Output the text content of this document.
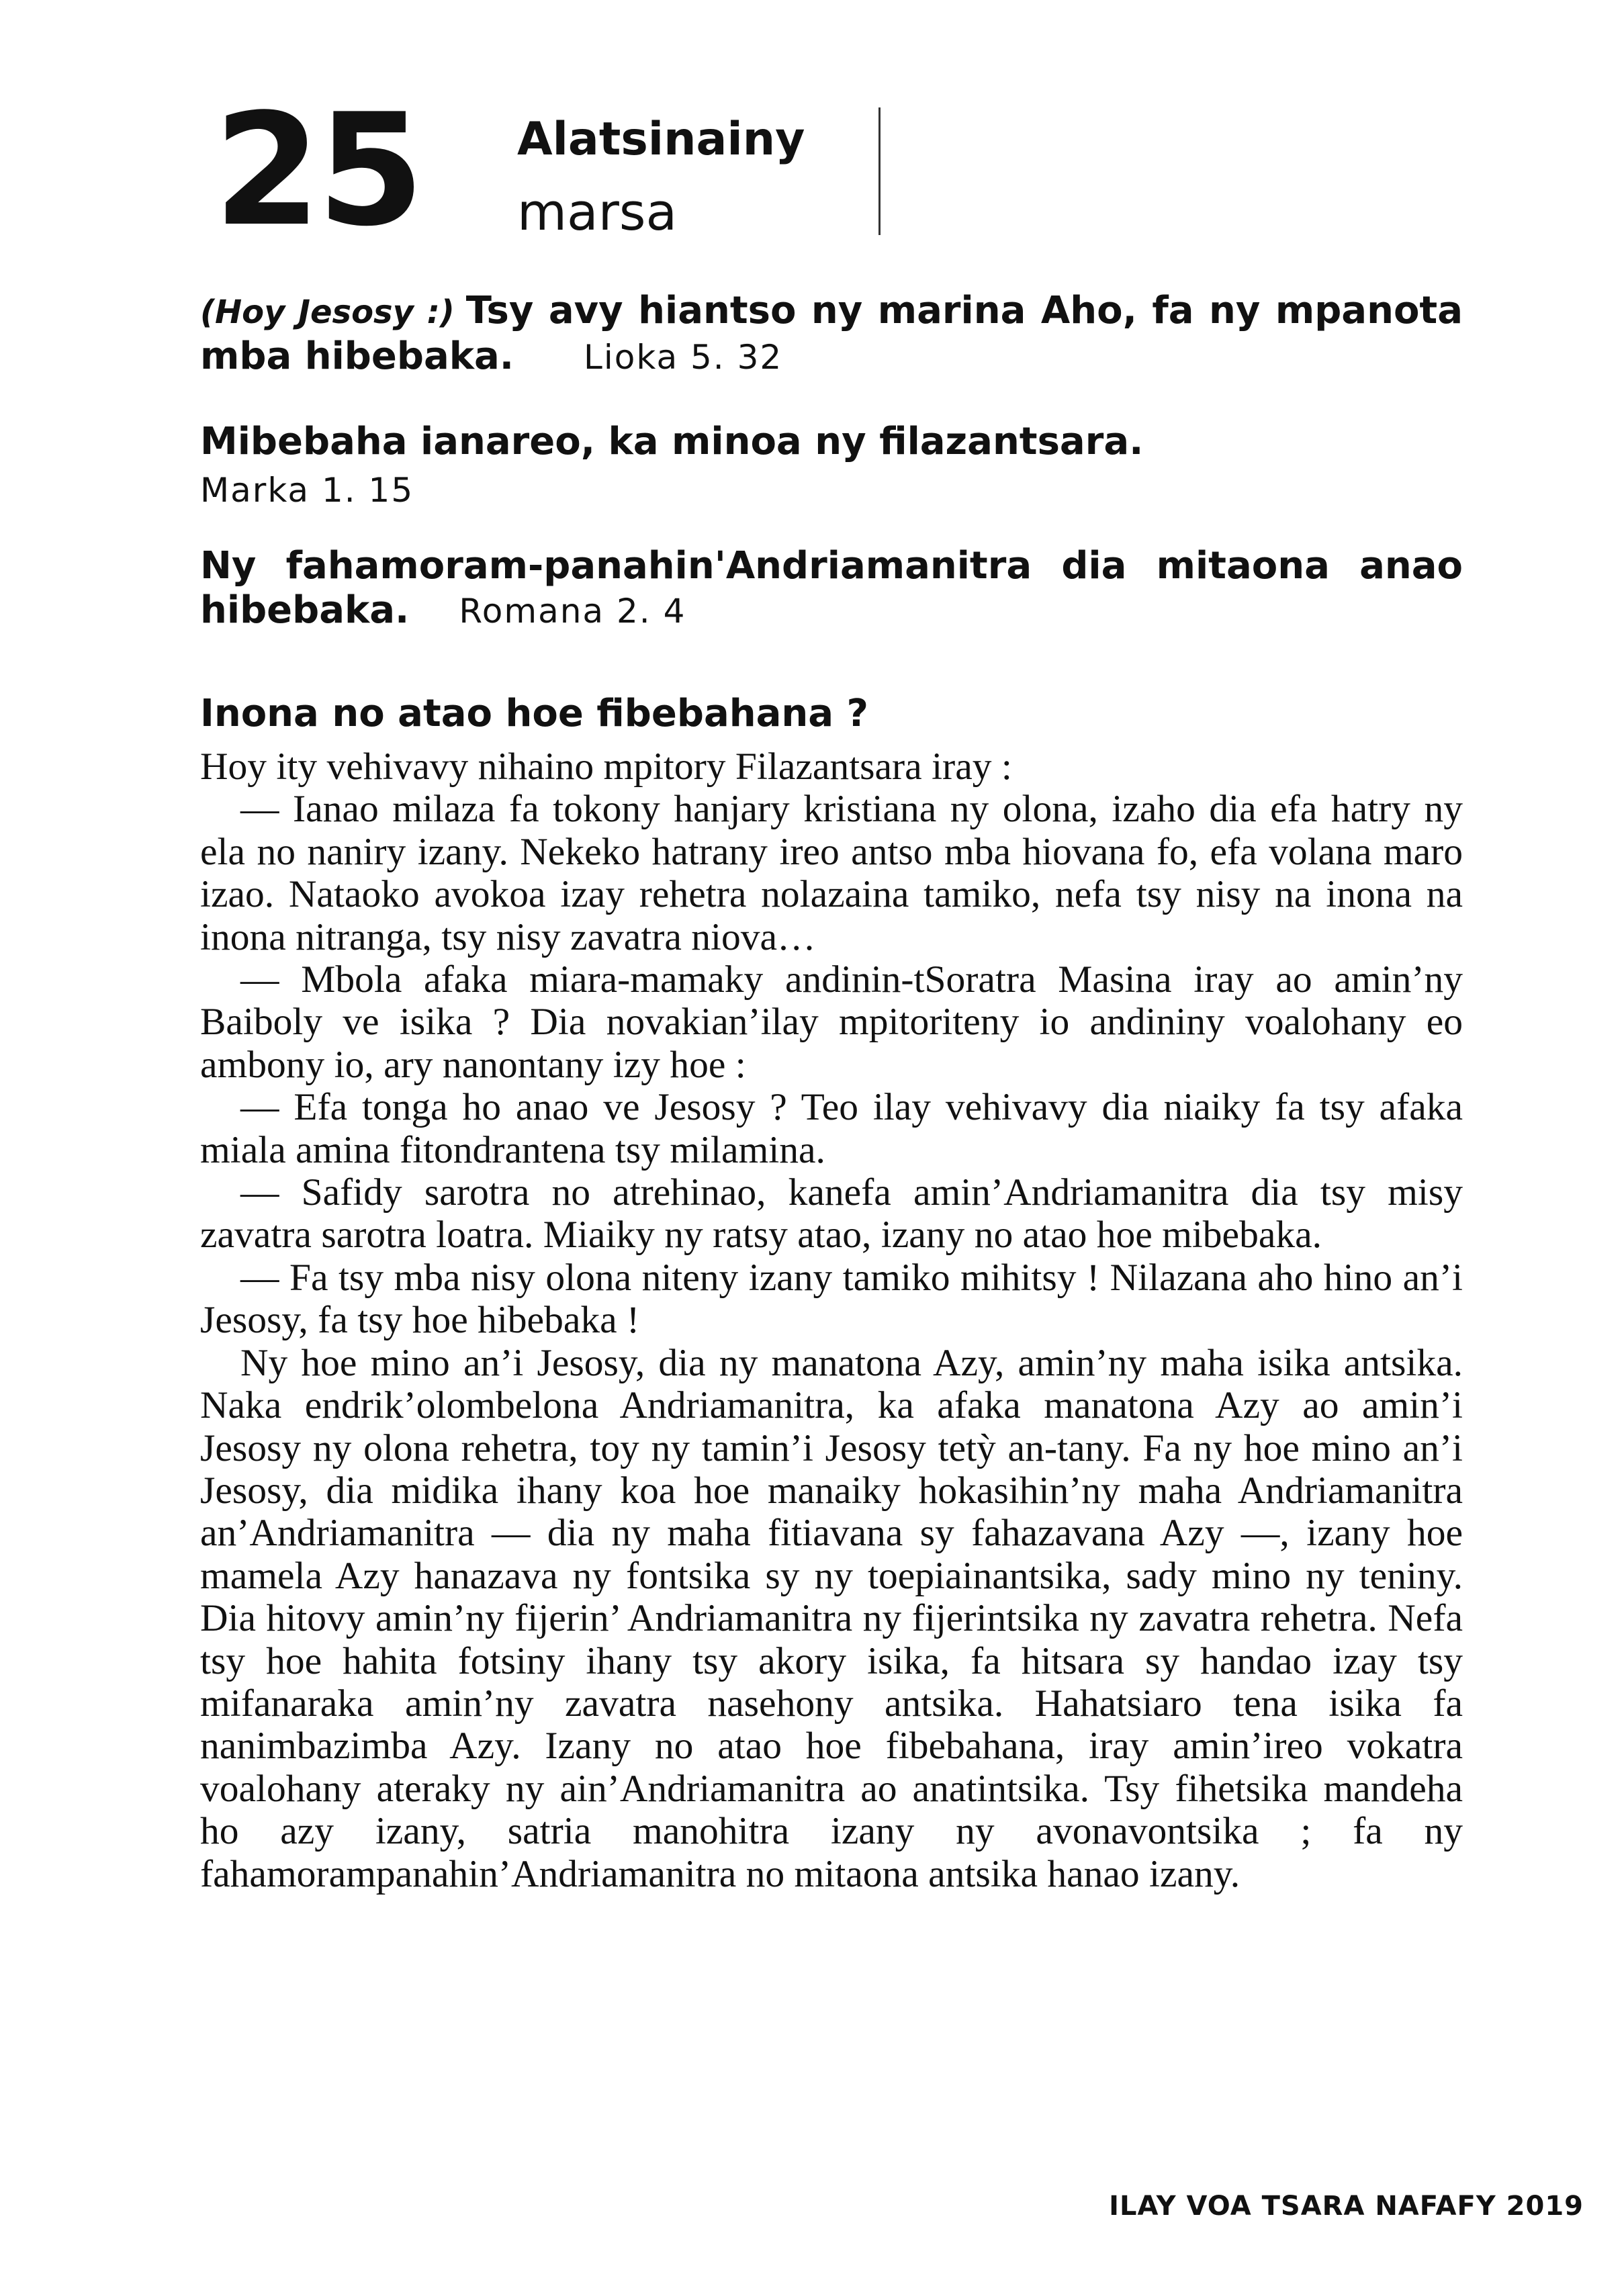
25 Alatsinainy
marsa
(Hoy Jesosy :) Tsy avy hiantso ny marina Aho, fa ny mpanota mba hibebaka. Lioka 5. 32
Mibebaha ianareo, ka minoa ny filazantsara.
Marka 1. 15
Ny fahamoram-panahin'Andriamanitra dia mitaona anao hibebaka. Romana 2. 4
Inona no atao hoe fibebahana ?

Hoy ity vehivavy nihaino mpitory Filazantsara iray :

— Ianao milaza fa tokony hanjary kristiana ny olona, izaho dia efa hatry ny ela no naniry izany. Nekeko hatrany ireo antso mba hiovana fo, efa volana maro izao. Nataoko avokoa izay rehetra nolazaina tamiko, nefa tsy nisy na inona na inona nitranga, tsy nisy zavatra niova…

— Mbola afaka miara-mamaky andinin-tSoratra Masina iray ao amin’ny Baiboly ve isika ? Dia novakian’ilay mpitoriteny io andininy voalohany eo ambony io, ary nanontany izy hoe :

— Efa tonga ho anao ve Jesosy ? Teo ilay vehivavy dia niaiky fa tsy afaka miala amina fitondrantena tsy milamina.

— Safidy sarotra no atrehinao, kanefa amin’Andriamanitra dia tsy misy zavatra sarotra loatra. Miaiky ny ratsy atao, izany no atao hoe mibebaka.

— Fa tsy mba nisy olona niteny izany tamiko mihitsy ! Nilazana aho hino an’i Jesosy, fa tsy hoe hibebaka !

Ny hoe mino an’i Jesosy, dia ny manatona Azy, amin’ny maha isika antsika. Naka endrik’olombelona Andriamanitra, ka afaka manatona Azy ao amin’i Jesosy ny olona rehetra, toy ny tamin’i Jesosy tetỳ an-tany. Fa ny hoe mino an’i Jesosy, dia midika ihany koa hoe manaiky hokasihin’ny maha Andriamanitra an’Andriamanitra — dia ny maha fitiavana sy fahazavana Azy —, izany hoe mamela Azy hanazava ny fontsika sy ny toepiainantsika, sady mino ny teniny. Dia hitovy amin’ny fijerin’ Andriamanitra ny fijerintsika ny zavatra rehetra. Nefa tsy hoe hahita fotsiny ihany tsy akory isika, fa hitsara sy handao izay tsy mifanaraka amin’ny zavatra nasehony antsika. Hahatsiaro tena isika fa nanimbazimba Azy. Izany no atao hoe fibebahana, iray amin’ireo vokatra voalohany ateraky ny ain’Andriamanitra ao anatintsika. Tsy fihetsika mandeha ho azy izany, satria manohitra izany ny avonavontsika ; fa ny fahamorampanahin’Andriamanitra no mitaona antsika hanao izany.

ILAY VOA TSARA NAFAFY 2019
